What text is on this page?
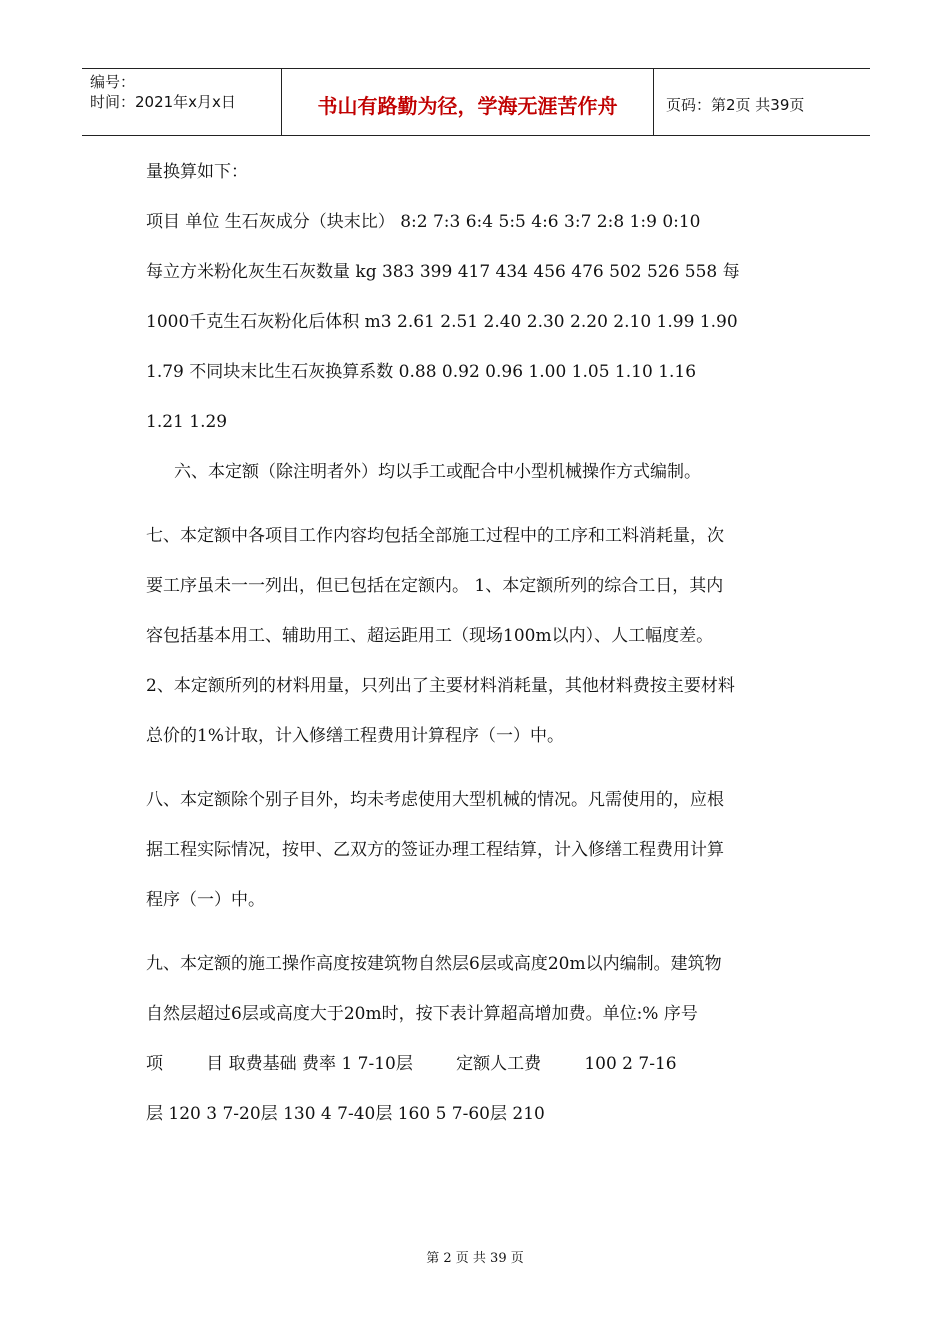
编号：
时间：2021年x月x日	书山有路勤为径，学海无涯苦作舟	页码：第2页 共39页
量换算如下：
项目 单位 生石灰成分（块末比） 8:2 7:3 6:4 5:5 4:6 3:7 2:8 1:9 0:10
每立方米粉化灰生石灰数量 kg 383 399 417 434 456 476 502 526 558 每
1000千克生石灰粉化后体积 m3 2.61 2.51 2.40 2.30 2.20 2.10 1.99 1.90
1.79 不同块末比生石灰换算系数 0.88 0.92 0.96 1.00 1.05 1.10 1.16
1.21 1.29
六、本定额（除注明者外）均以手工或配合中小型机械操作方式编制。
七、本定额中各项目工作内容均包括全部施工过程中的工序和工料消耗量，次
要工序虽未一一列出，但已包括在定额内。 1、本定额所列的综合工日，其内
容包括基本用工、辅助用工、超运距用工（现场100m以内）、人工幅度差。
2、本定额所列的材料用量，只列出了主要材料消耗量，其他材料费按主要材料
总价的1%计取，计入修缮工程费用计算程序（一）中。
八、本定额除个别子目外，均未考虑使用大型机械的情况。凡需使用的，应根
据工程实际情况，按甲、乙双方的签证办理工程结算，计入修缮工程费用计算
程序（一）中。
九、本定额的施工操作高度按建筑物自然层6层或高度20m以内编制。建筑物
自然层超过6层或高度大于20m时，按下表计算超高增加费。单位:% 序号
项        目 取费基础 费率 1 7-10层        定额人工费        100 2 7-16
层 120 3 7-20层 130 4 7-40层 160 5 7-60层 210
第 2 页 共 39 页
